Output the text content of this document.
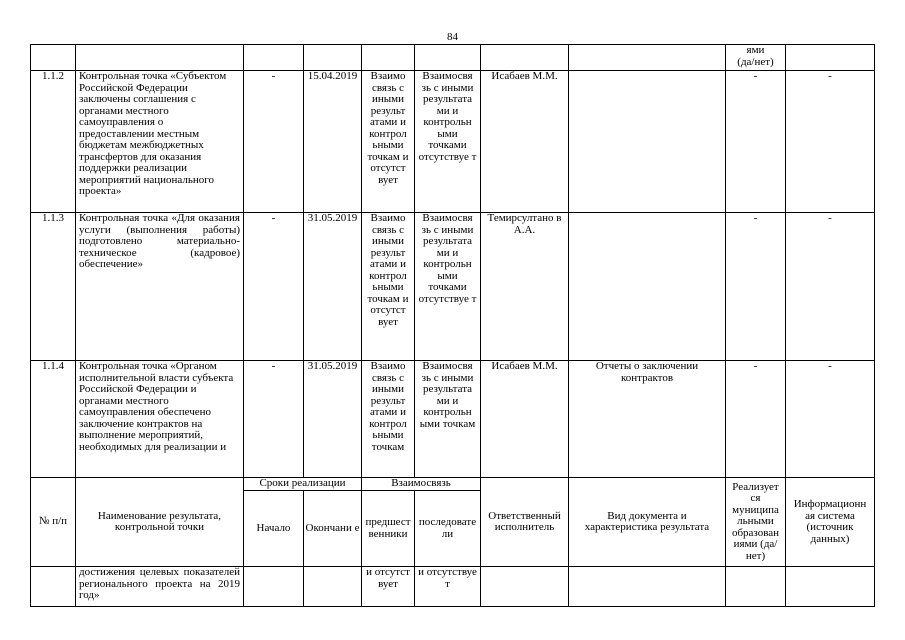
84
								ями
(да/нет)	
1.1.2	Контрольная точка «Субъектом Российской Федерации заключены соглашения с органами местного самоуправления о предоставлении местным бюджетам межбюджетных трансфертов для оказания поддержки реализации мероприятий национального проекта»	-	15.04.2019	Взаимо связь с иными результ атами и контрол ьными точкам и отсутст вует	Взаимосвя зь с иными результата ми и контрольн ыми точками отсутствуе т	Исабаев М.М.		-	-
1.1.3	Контрольная точка «Для оказания услуги (выполнения работы) подготовлено материально-техническое (кадровое) обеспечение»	-	31.05.2019	Взаимо связь с иными результ атами и контрол ьными точкам и отсутст вует	Взаимосвя зь с иными результата ми и контрольн ыми точками отсутствуе т	Темирсултано в А.А.		-	-
1.1.4	Контрольная точка «Органом исполнительной власти субъекта Российской Федерации и органами местного самоуправления обеспечено заключение контрактов на выполнение мероприятий, необходимых для реализации и	-	31.05.2019	Взаимо связь с иными результ атами и контрол ьными точкам	Взаимосвя зь с иными результата ми и контрольн ыми точкам	Исабаев М.М.	Отчеты о заключении контрактов	-	-
№ п/п	Наименование результата, контрольной точки	Сроки реализации		Взаимосвязь		Ответственный исполнитель	Вид документа и характеристика результата	Реализует ся муниципа льными образован иями (да/нет)	Информационн ая система (источник данных)
		Начало	Окончани е	предшест венники	последовате ли				
	достижения целевых показателей регионального проекта на 2019 год»			и отсутст вует	и отсутствуе т				
